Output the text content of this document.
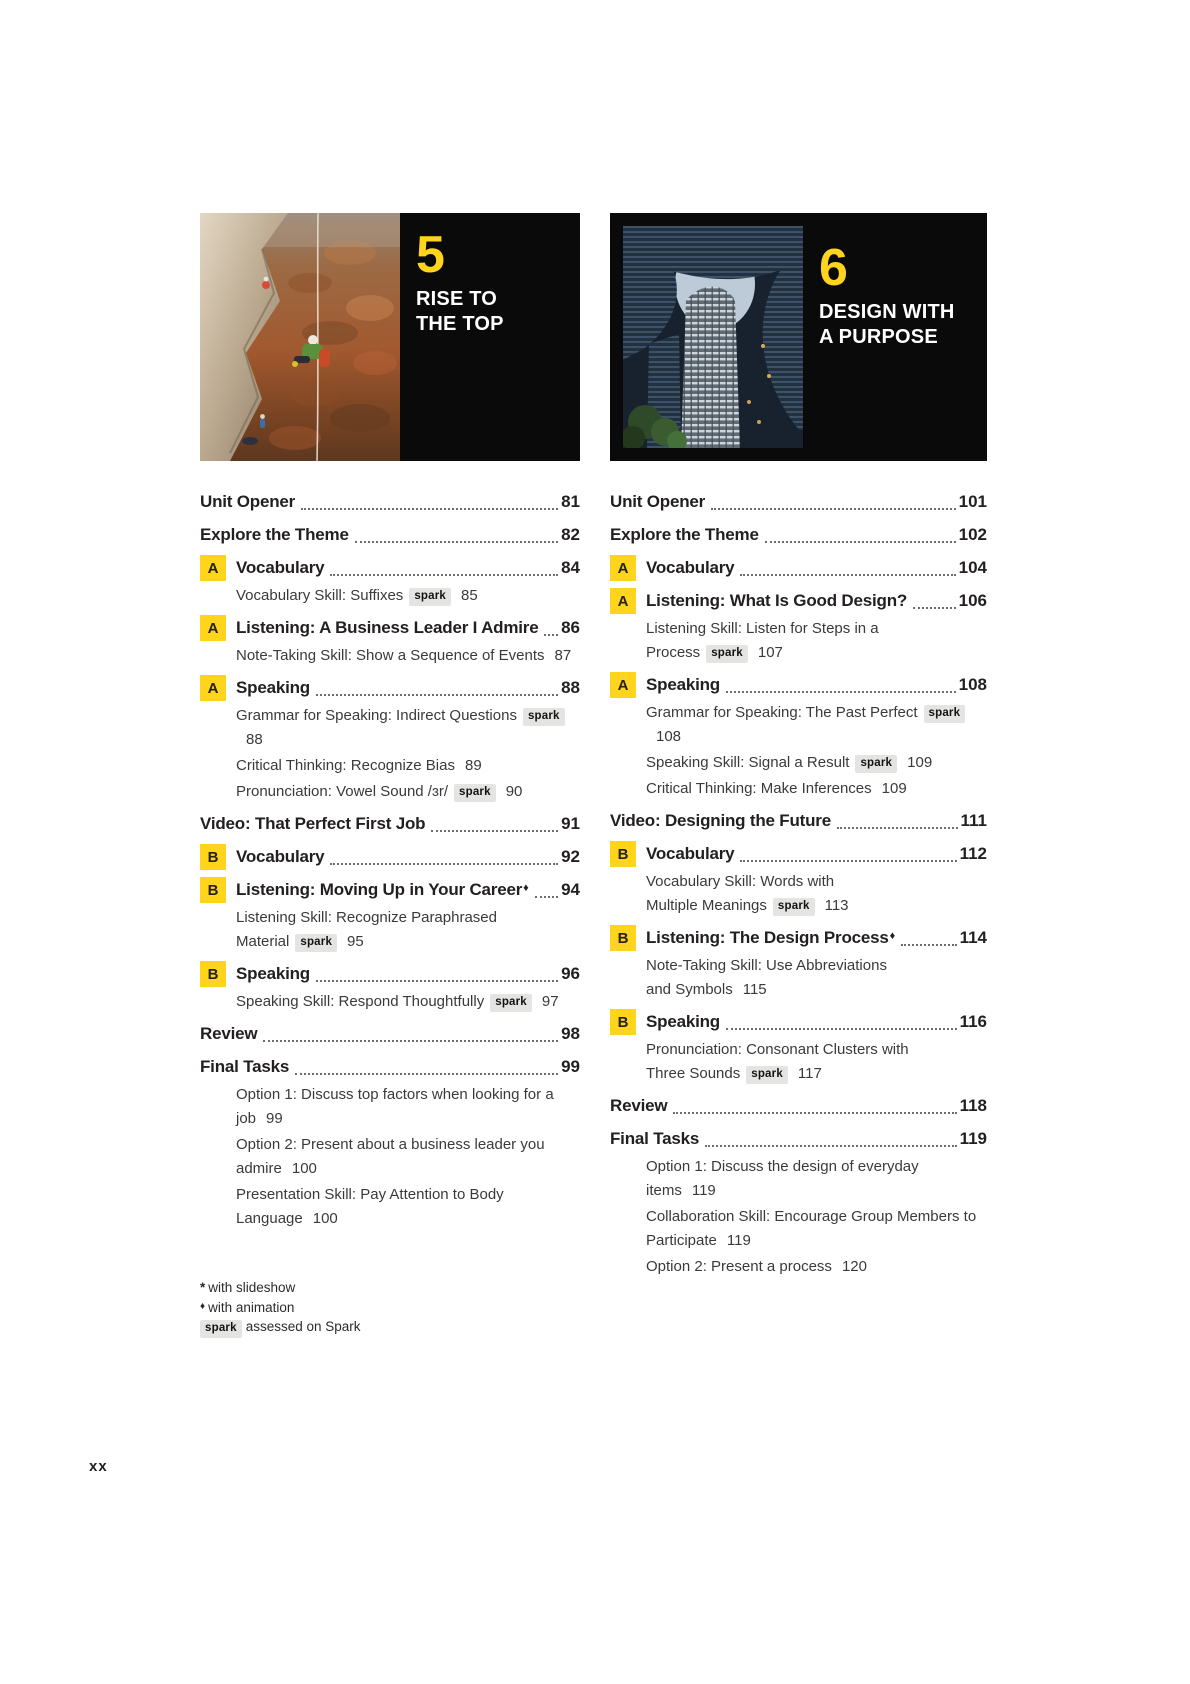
5
RISE TO
THE TOP
Unit Opener	81
Explore the Theme	82
A	Vocabulary	84
Vocabulary Skill: Suffixes spark 85
A	Listening: A Business Leader I Admire 86
Note-Taking Skill: Show a Sequence of Events 87
A	Speaking	88
Grammar for Speaking: Indirect Questions spark88
Critical Thinking: Recognize Bias 89
Pronunciation: Vowel Sound /ɜr/ spark 90
Video: That Perfect First Job	91
B	Vocabulary	92
B	Listening: Moving Up in Your Career♦ 94
Listening Skill: Recognize Paraphrased
Material spark 95
B	Speaking	96
Speaking Skill: Respond Thoughtfully spark 97
Review	98
Final Tasks	99
Option 1: Discuss top factors when looking for a
job 99
Option 2: Present about a business leader you
admire 100
Presentation Skill: Pay Attention to Body
Language 100
6
DESIGN WITH
A PURPOSE
Unit Opener	101
Explore the Theme	102
A	Vocabulary	104
A	Listening: What Is Good Design?	106
Listening Skill: Listen for Steps in a
Process spark 107
A	Speaking	108
Grammar for Speaking: The Past Perfect spark108
Speaking Skill: Signal a Result spark 109
Critical Thinking: Make Inferences 109
Video: Designing the Future	111
B	Vocabulary	112
Vocabulary Skill: Words with
Multiple Meanings spark 113
B	Listening: The Design Process♦	114
Note-Taking Skill: Use Abbreviations
and Symbols 115
B	Speaking	116
Pronunciation: Consonant Clusters with
Three Sounds spark 117
Review	118
Final Tasks	119
Option 1: Discuss the design of everyday items 119
Collaboration Skill: Encourage Group Members to
Participate 119
Option 2: Present a process 120
* with slideshow
♦ with animation
spark assessed on Spark
xx
